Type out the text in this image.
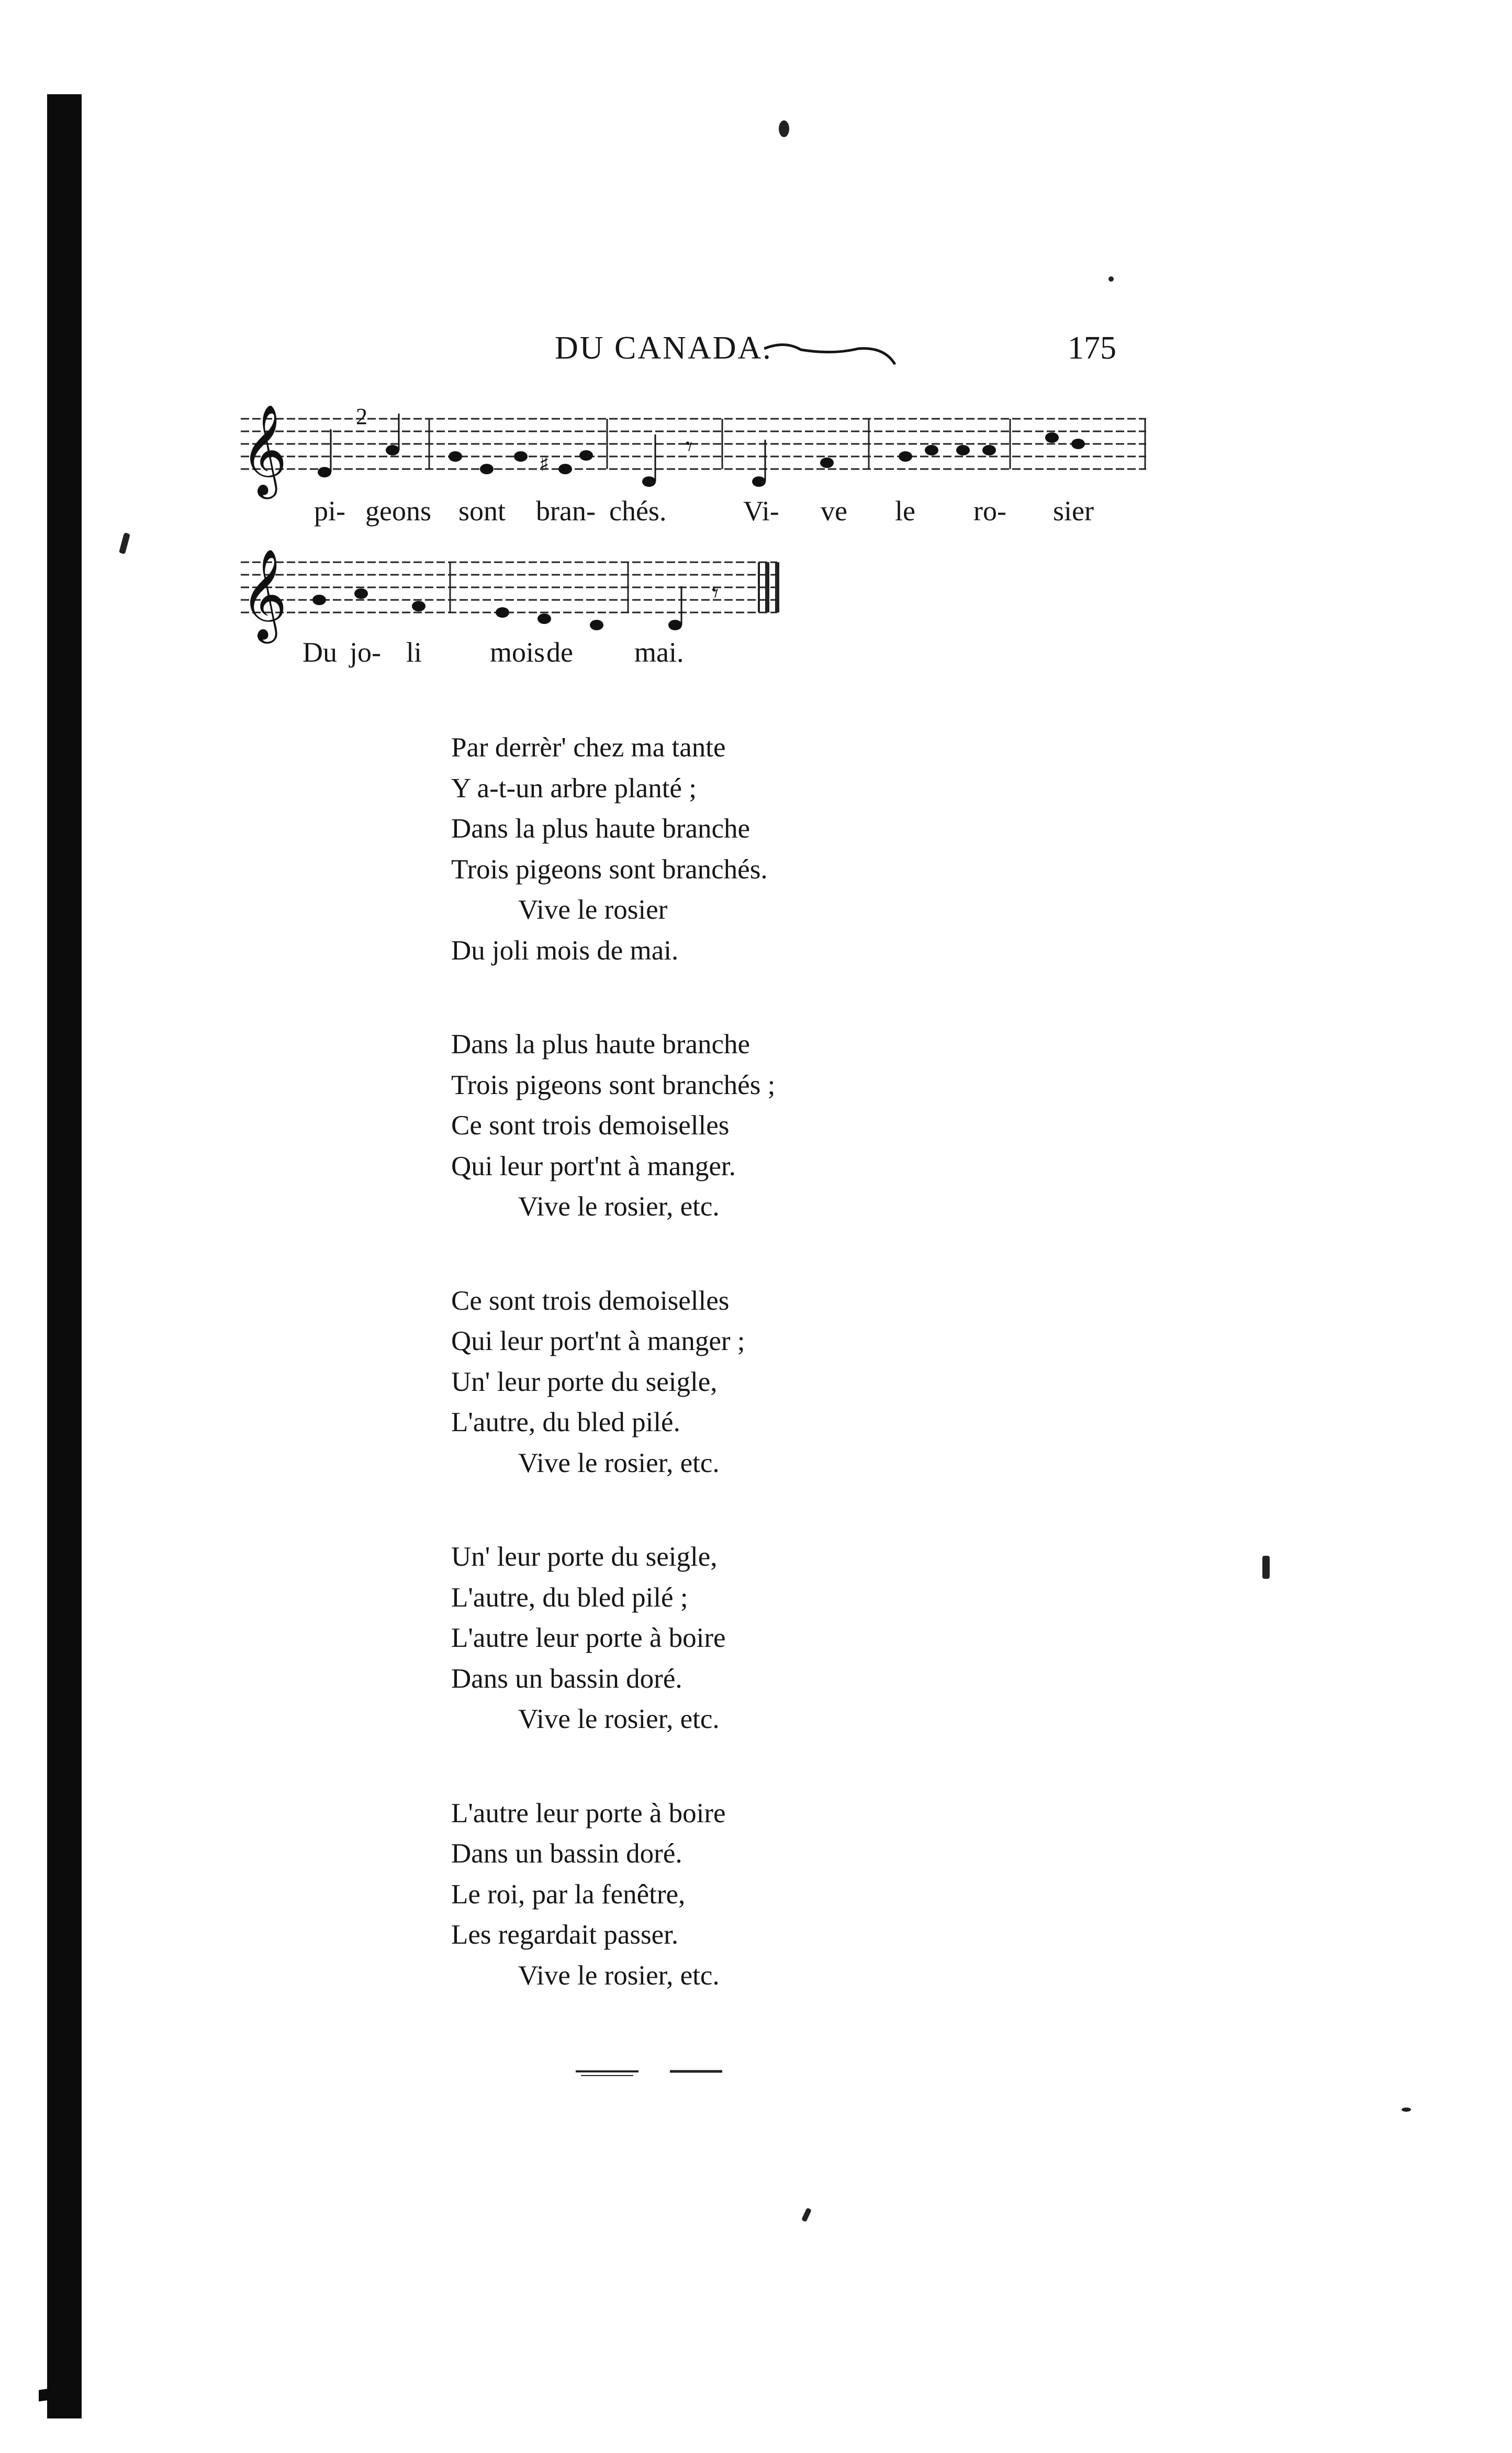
DU CANADA.	175
𝄞	2
♯
𝄾
pi- geons sont bran- chés.	Vi- ve le ro- sier
𝄞	𝄾
Du jo- li mois de mai.
Par derrèr' chez ma tante
Y a-t-un arbre planté ;
Dans la plus haute branche
Trois pigeons sont branchés.
Vive le rosier
Du joli mois de mai.
Dans la plus haute branche
Trois pigeons sont branchés ;
Ce sont trois demoiselles
Qui leur port'nt à manger.
Vive le rosier, etc.
Ce sont trois demoiselles
Qui leur port'nt à manger ;
Un' leur porte du seigle,
L'autre, du bled pilé.
Vive le rosier, etc.
Un' leur porte du seigle,
L'autre, du bled pilé ;
L'autre leur porte à boire
Dans un bassin doré.
Vive le rosier, etc.
L'autre leur porte à boire
Dans un bassin doré.
Le roi, par la fenêtre,
Les regardait passer.
Vive le rosier, etc.
